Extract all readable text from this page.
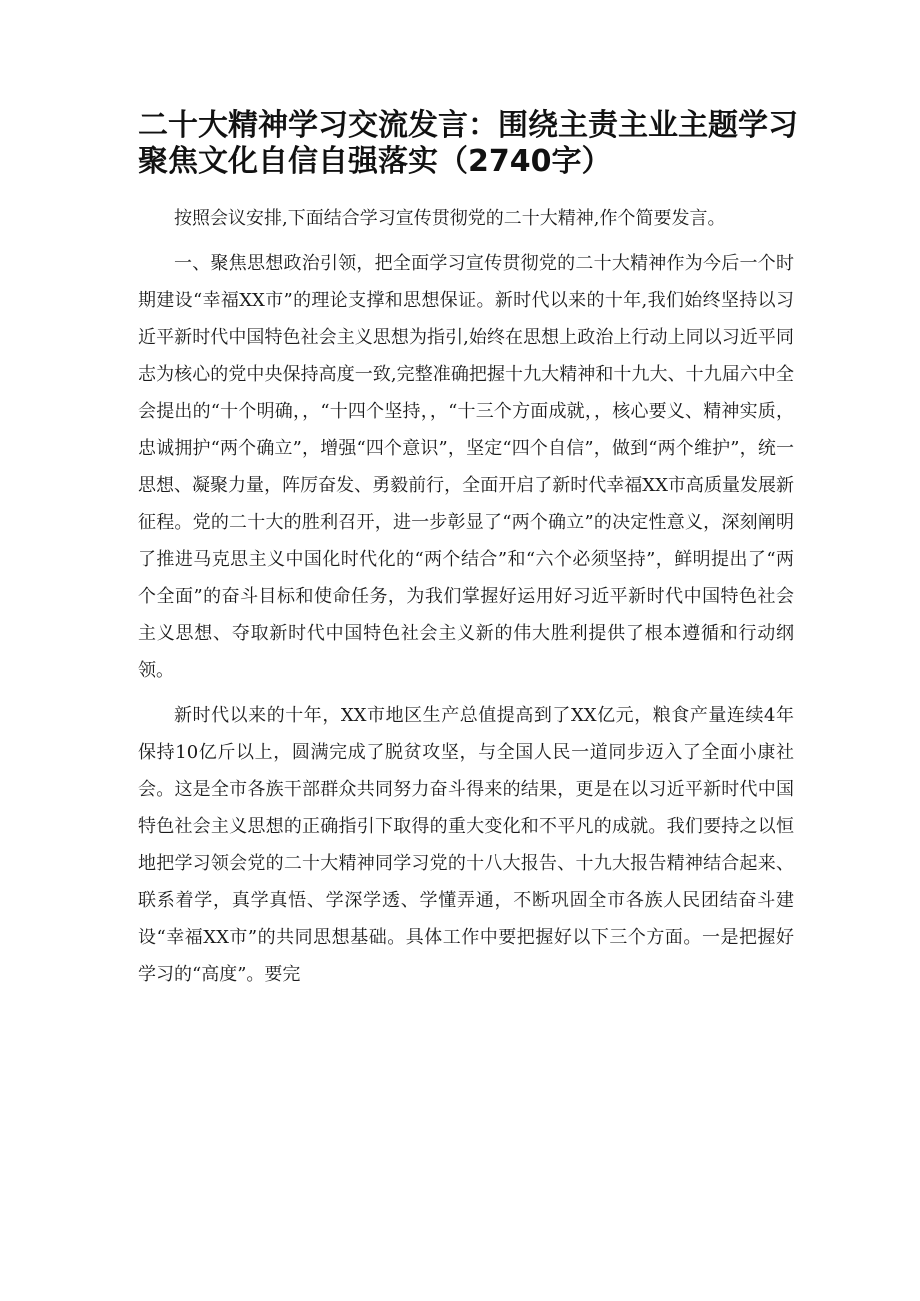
二十大精神学习交流发言：围绕主责主业主题学习聚焦文化自信自强落实（2740字）

按照会议安排,下面结合学习宣传贯彻党的二十大精神,作个简要发言。

一、聚焦思想政治引领，把全面学习宣传贯彻党的二十大精神作为今后一个时期建设“幸福XX市”的理论支撑和思想保证。新时代以来的十年,我们始终坚持以习近平新时代中国特色社会主义思想为指引,始终在思想上政治上行动上同以习近平同志为核心的党中央保持高度一致,完整准确把握十九大精神和十九大、十九届六中全会提出的“十个明确，，“十四个坚持，，“十三个方面成就，，核心要义、精神实质，忠诚拥护“两个确立”，增强“四个意识”，坚定“四个自信”，做到“两个维护”，统一思想、凝聚力量，阵厉奋发、勇毅前行，全面开启了新时代幸福XX市高质量发展新征程。党的二十大的胜利召开，进一步彰显了“两个确立”的决定性意义，深刻阐明了推进马克思主义中国化时代化的“两个结合”和“六个必须坚持”，鲜明提出了“两个全面”的奋斗目标和使命任务，为我们掌握好运用好习近平新时代中国特色社会主义思想、夺取新时代中国特色社会主义新的伟大胜利提供了根本遵循和行动纲领。

新时代以来的十年，XX市地区生产总值提高到了XX亿元，粮食产量连续4年保持10亿斤以上，圆满完成了脱贫攻坚，与全国人民一道同步迈入了全面小康社会。这是全市各族干部群众共同努力奋斗得来的结果，更是在以习近平新时代中国特色社会主义思想的正确指引下取得的重大变化和不平凡的成就。我们要持之以恒地把学习领会党的二十大精神同学习党的十八大报告、十九大报告精神结合起来、联系着学，真学真悟、学深学透、学懂弄通，不断巩固全市各族人民团结奋斗建设“幸福XX市”的共同思想基础。具体工作中要把握好以下三个方面。一是把握好学习的“高度”。要完
